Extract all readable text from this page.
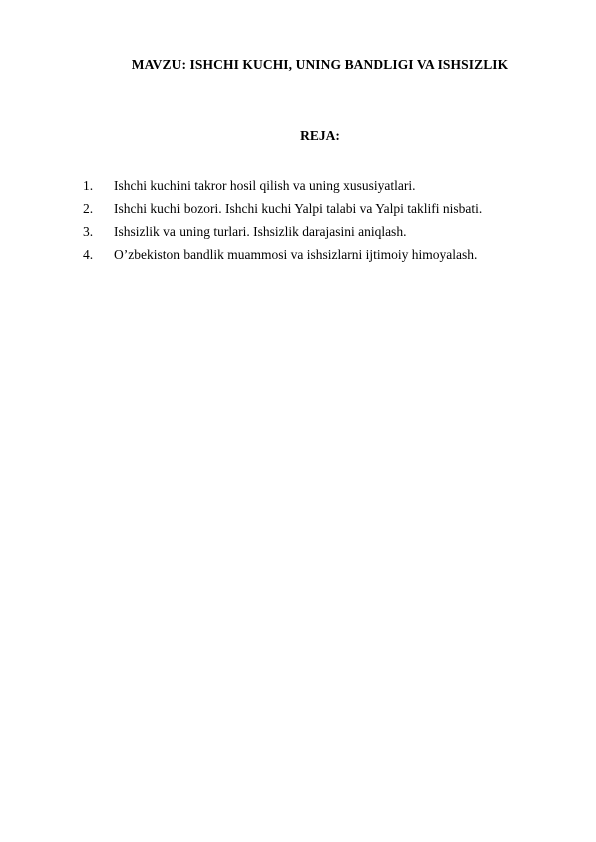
MAVZU: ISHCHI KUCHI, UNING BANDLIGI VA ISHSIZLIK
REJA:
1.	Ishchi kuchini takror hosil qilish va uning xususiyatlari.
2.	Ishchi kuchi bozori. Ishchi kuchi Yalpi talabi va Yalpi taklifi nisbati.
3.	Ishsizlik va uning turlari. Ishsizlik darajasini aniqlash.
4.	O’zbekiston bandlik muammosi va ishsizlarni ijtimoiy himoyalash.
